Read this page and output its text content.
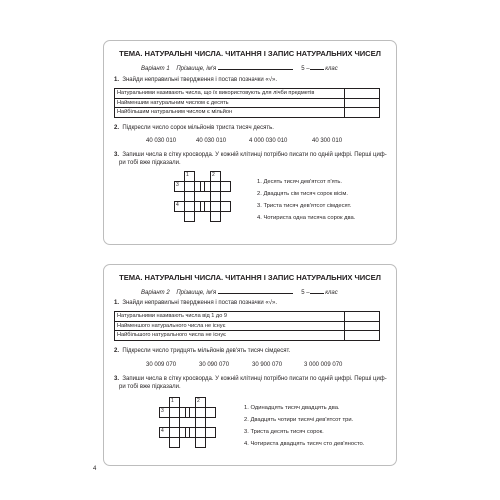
ТЕМА. НАТУРАЛЬНІ ЧИСЛА. ЧИТАННЯ І ЗАПИС НАТУРАЛЬНИХ ЧИСЕЛ
Варіант 1 Прізвище, ім'я	5 –	клас
1. Знайди неправильні твердження і постав позначки «√».
Натуральними називають числа, що їх використовують для лічби предметів	
Найменшим натуральним числом є десять	
Найбільшим натуральним числом є мільйон	
2. Підкресли число сорок мільйонів триста тисяч десять.
40 030 010	40 030 010	4 000 030 010	40 300 010
3. Запиши числа в сітку кросворда. У кожній клітинці потрібно писати по одній цифрі. Перші циф-
ри тобі вже підказали.
1	2
3
4
1. Десять тисяч дев'ятсот п'ять.
2. Двадцять сім тисяч сорок вісім.
3. Триста тисяч дев'ятсот сімдесят.
4. Чотириста одна тисяча сорок два.
ТЕМА. НАТУРАЛЬНІ ЧИСЛА. ЧИТАННЯ І ЗАПИС НАТУРАЛЬНИХ ЧИСЕЛ
Варіант 2 Прізвище, ім'я	5 –	клас
1. Знайди неправильні твердження і постав позначки «√».
Натуральними називають числа від 1 до 9	
Найменшого натурального числа не існує	
Найбільшого натурального числа не існує	
2. Підкресли число тридцять мільйонів дев'ять тисяч сімдесят.
30 009 070	30 090 070	30 900 070	3 000 009 070
3. Запиши числа в сітку кросворда. У кожній клітинці потрібно писати по одній цифрі. Перші циф-
ри тобі вже підказали.
1	2
3
4
1. Одинадцять тисяч двадцять два.
2. Двадцять чотири тисячі дев'ятсот три.
3. Триста десять тисяч сорок.
4. Чотириста двадцять тисяч сто дев'яносто.
4
